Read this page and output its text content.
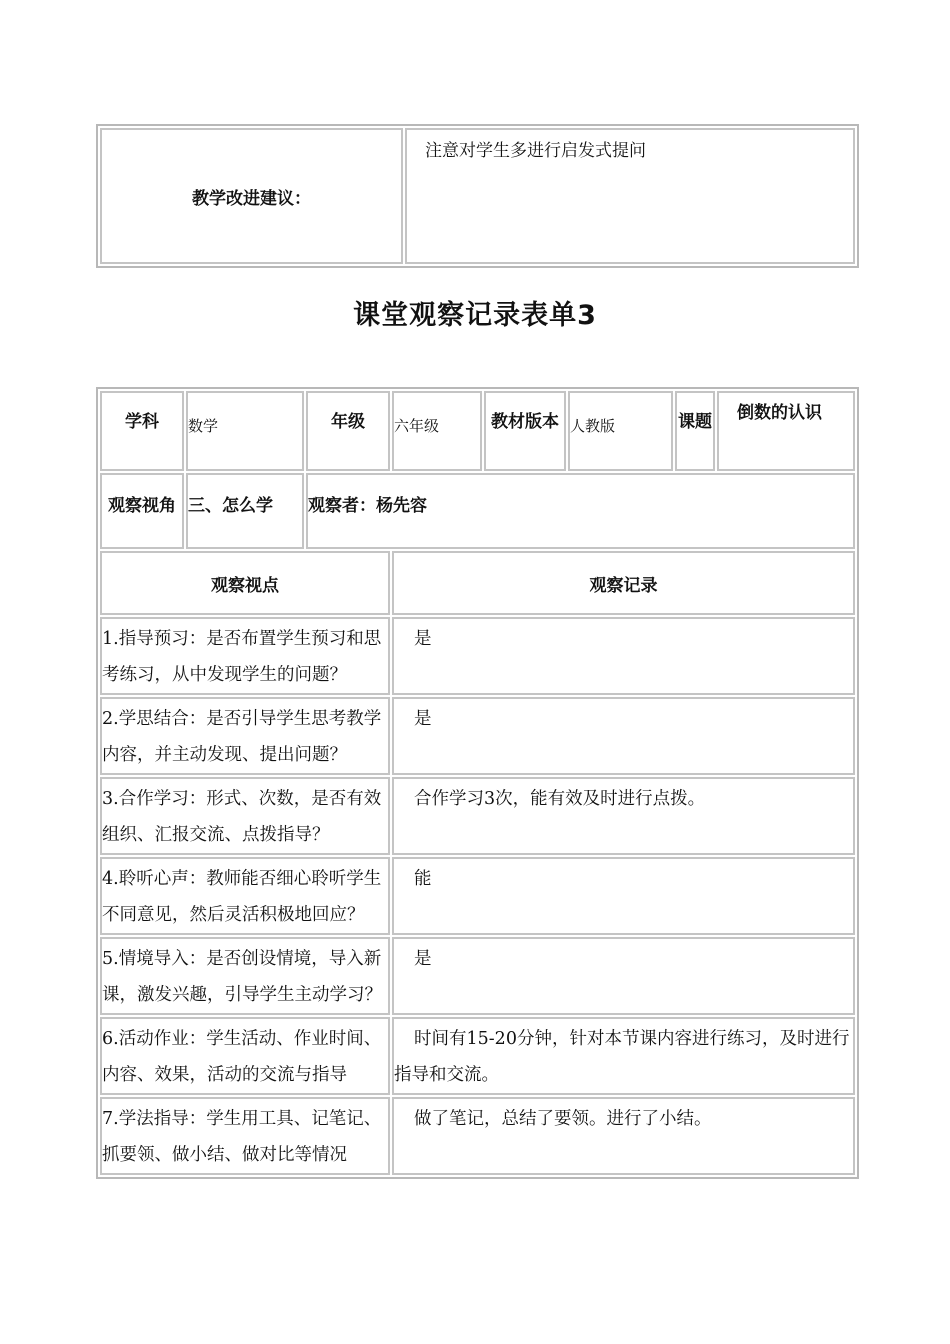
教学改进建议：	注意对学生多进行启发式提问
课堂观察记录表单3
学科	数学	年级	六年级	教材版本	人教版	课题	倒数的认识
观察视角	三、怎么学	观察者：杨先容					
观察视点			观察记录				
1.指导预习：是否布置学生预习和思考练习，从中发现学生的问题？			是				
2.学思结合：是否引导学生思考教学内容，并主动发现、提出问题？			是				
3.合作学习：形式、次数，是否有效组织、汇报交流、点拨指导？			合作学习3次，能有效及时进行点拨。				
4.聆听心声：教师能否细心聆听学生不同意见，然后灵活积极地回应？			能				
5.情境导入：是否创设情境，导入新课，激发兴趣，引导学生主动学习？			是				
6.活动作业：学生活动、作业时间、内容、效果，活动的交流与指导			时间有15-20分钟，针对本节课内容进行练习，及时进行指导和交流。				
7.学法指导：学生用工具、记笔记、抓要领、做小结、做对比等情况			做了笔记，总结了要领。进行了小结。				
